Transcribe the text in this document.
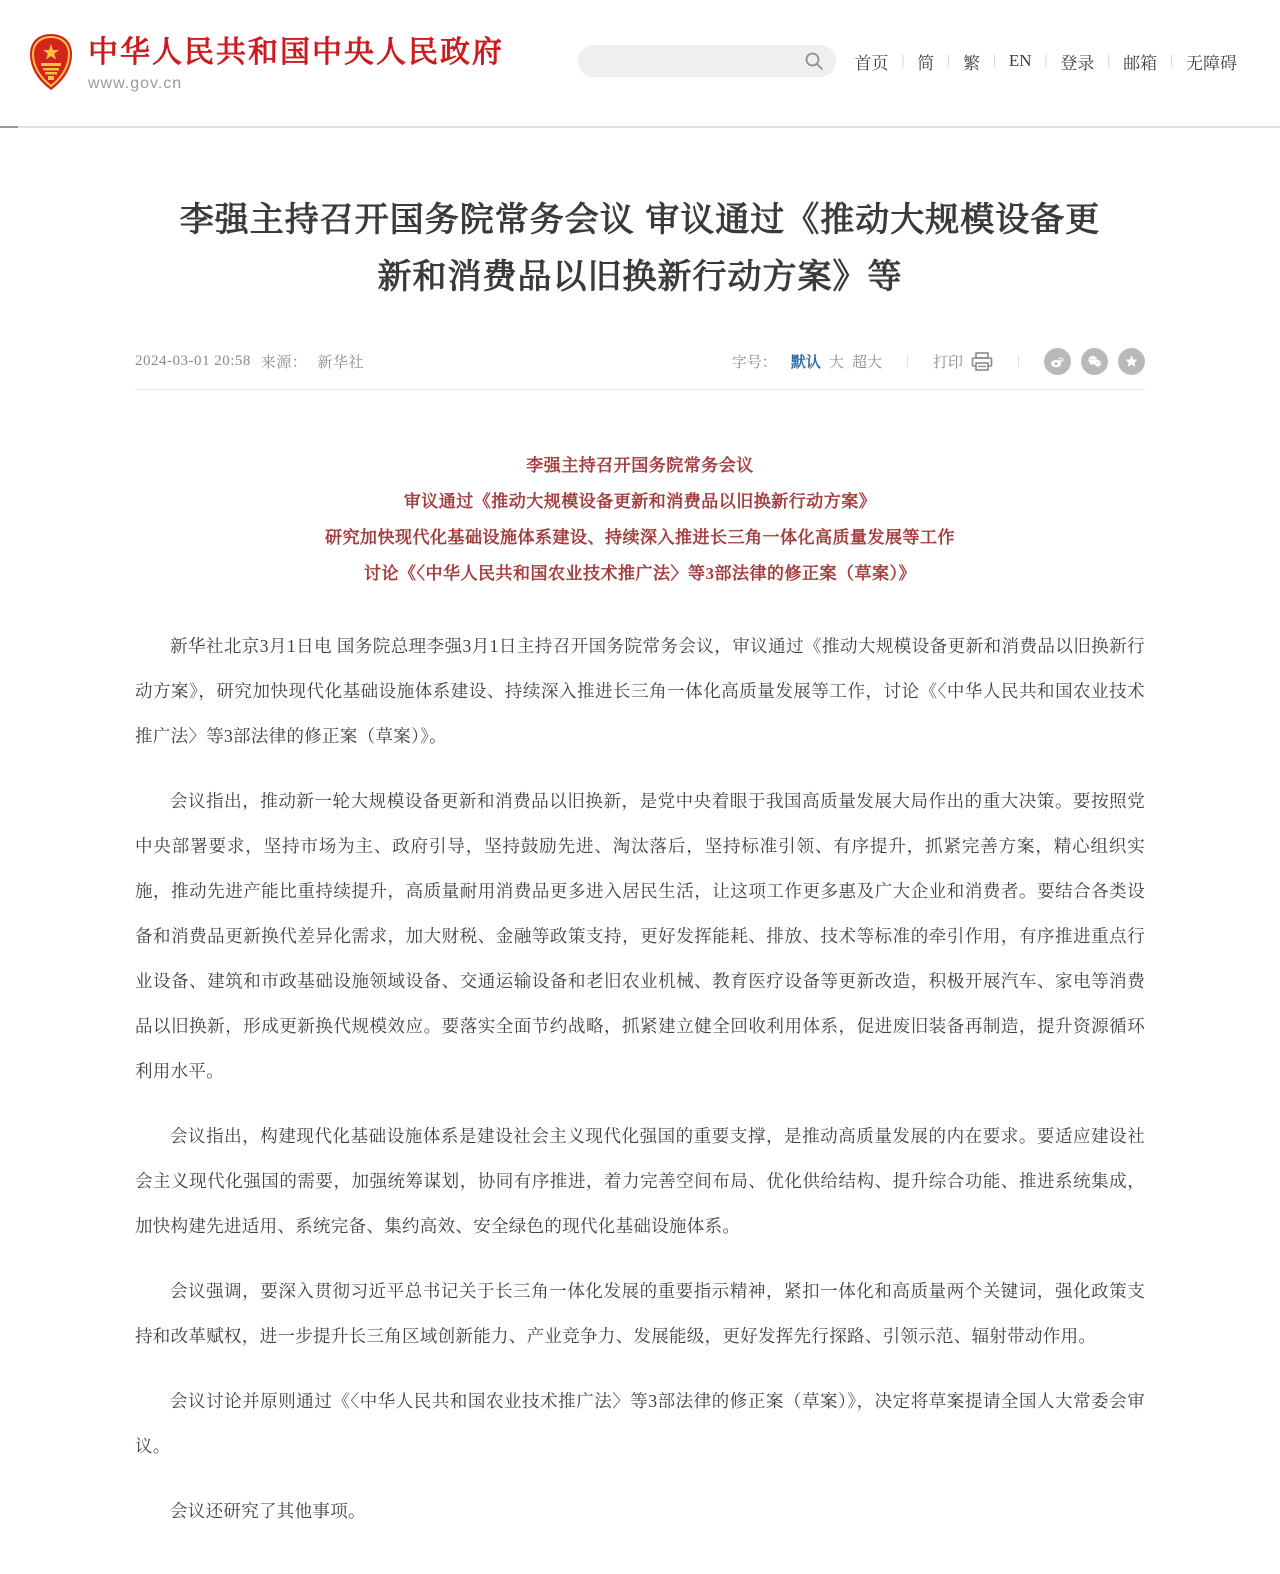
中华人民共和国中央人民政府
www.gov.cn
首页 | 简 | 繁 | EN | 登录 | 邮箱 | 无障碍
李强主持召开国务院常务会议 审议通过《推动大规模设备更新和消费品以旧换新行动方案》等
2024-03-01 20:58 来源： 新华社	字号： 默认 大 超大	|	打印	|
李强主持召开国务院常务会议
审议通过《推动大规模设备更新和消费品以旧换新行动方案》
研究加快现代化基础设施体系建设、持续深入推进长三角一体化高质量发展等工作
讨论《〈中华人民共和国农业技术推广法〉等3部法律的修正案（草案）》

新华社北京3月1日电 国务院总理李强3月1日主持召开国务院常务会议，审议通过《推动大规模设备更新和消费品以旧换新行动方案》，研究加快现代化基础设施体系建设、持续深入推进长三角一体化高质量发展等工作，讨论《〈中华人民共和国农业技术推广法〉等3部法律的修正案（草案）》。

会议指出，推动新一轮大规模设备更新和消费品以旧换新，是党中央着眼于我国高质量发展大局作出的重大决策。要按照党中央部署要求，坚持市场为主、政府引导，坚持鼓励先进、淘汰落后，坚持标准引领、有序提升，抓紧完善方案，精心组织实施，推动先进产能比重持续提升，高质量耐用消费品更多进入居民生活，让这项工作更多惠及广大企业和消费者。要结合各类设备和消费品更新换代差异化需求，加大财税、金融等政策支持，更好发挥能耗、排放、技术等标准的牵引作用，有序推进重点行业设备、建筑和市政基础设施领域设备、交通运输设备和老旧农业机械、教育医疗设备等更新改造，积极开展汽车、家电等消费品以旧换新，形成更新换代规模效应。要落实全面节约战略，抓紧建立健全回收利用体系，促进废旧装备再制造，提升资源循环利用水平。

会议指出，构建现代化基础设施体系是建设社会主义现代化强国的重要支撑，是推动高质量发展的内在要求。要适应建设社会主义现代化强国的需要，加强统筹谋划，协同有序推进，着力完善空间布局、优化供给结构、提升综合功能、推进系统集成，加快构建先进适用、系统完备、集约高效、安全绿色的现代化基础设施体系。

会议强调，要深入贯彻习近平总书记关于长三角一体化发展的重要指示精神，紧扣一体化和高质量两个关键词，强化政策支持和改革赋权，进一步提升长三角区域创新能力、产业竞争力、发展能级，更好发挥先行探路、引领示范、辐射带动作用。

会议讨论并原则通过《〈中华人民共和国农业技术推广法〉等3部法律的修正案（草案）》，决定将草案提请全国人大常委会审议。

会议还研究了其他事项。
